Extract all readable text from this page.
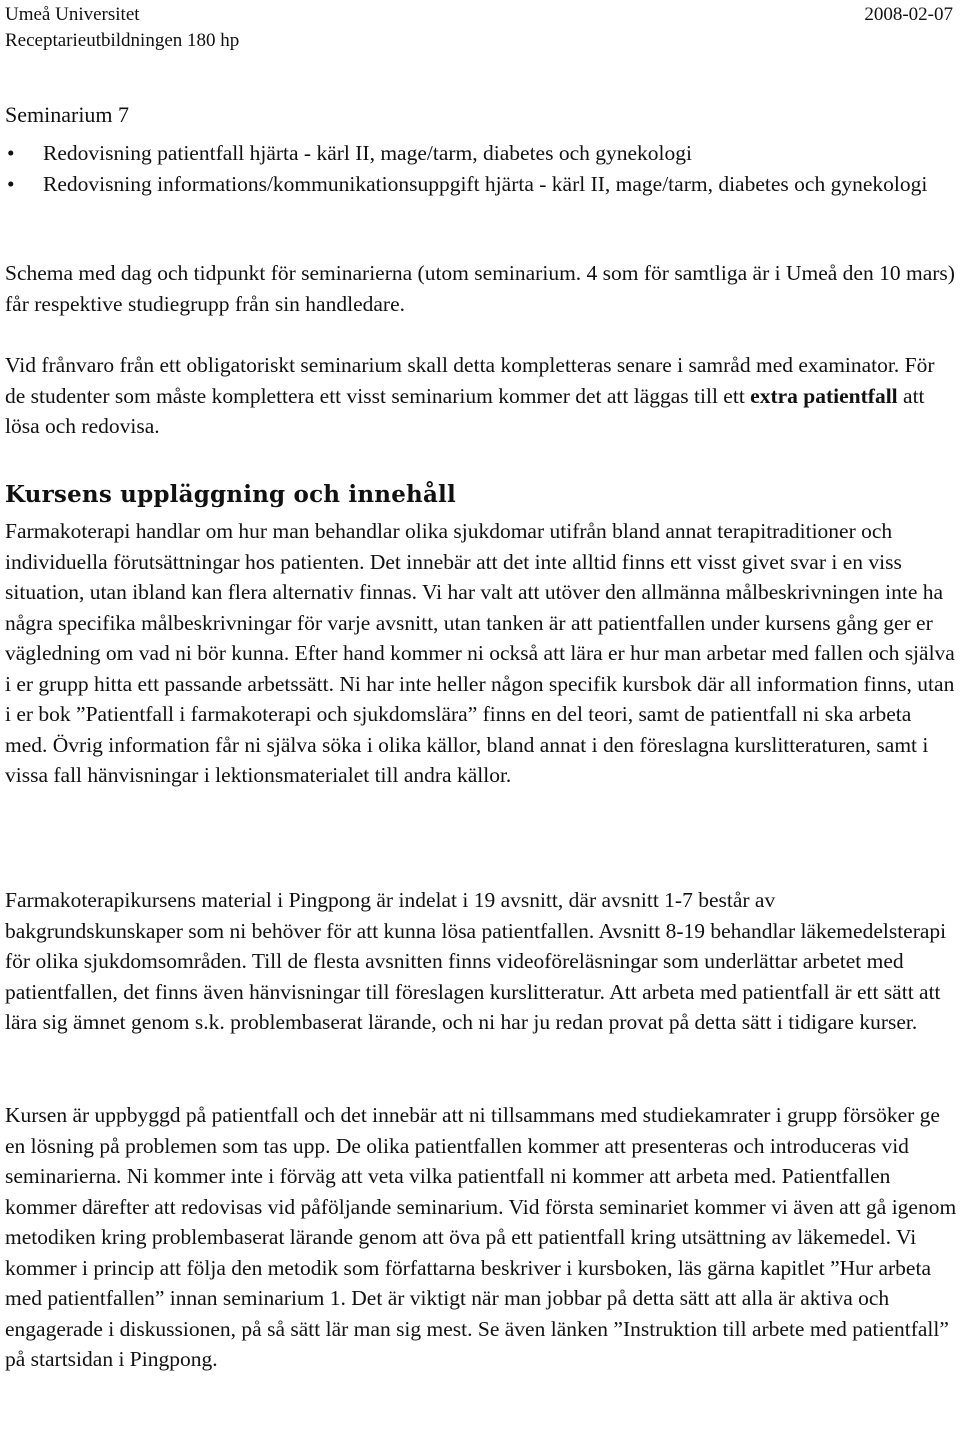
Umeå Universitet
Receptarieutbildningen 180 hp
2008-02-07
Seminarium 7
• Redovisning patientfall hjärta - kärl II, mage/tarm, diabetes och gynekologi
• Redovisning informations/kommunikationsuppgift hjärta - kärl II, mage/tarm, diabetes och gynekologi

Schema med dag och tidpunkt för seminarierna (utom seminarium. 4 som för samtliga är i Umeå den 10 mars) får respektive studiegrupp från sin handledare.

Vid frånvaro från ett obligatoriskt seminarium skall detta kompletteras senare i samråd med examinator. För de studenter som måste komplettera ett visst seminarium kommer det att läggas till ett extra patientfall att lösa och redovisa.

Kursens uppläggning och innehåll

Farmakoterapi handlar om hur man behandlar olika sjukdomar utifrån bland annat terapitraditioner och individuella förutsättningar hos patienten. Det innebär att det inte alltid finns ett visst givet svar i en viss situation, utan ibland kan flera alternativ finnas. Vi har valt att utöver den allmänna målbeskrivningen inte ha några specifika målbeskrivningar för varje avsnitt, utan tanken är att patientfallen under kursens gång ger er vägledning om vad ni bör kunna. Efter hand kommer ni också att lära er hur man arbetar med fallen och själva i er grupp hitta ett passande arbetssätt. Ni har inte heller någon specifik kursbok där all information finns, utan i er bok ”Patientfall i farmakoterapi och sjukdomslära” finns en del teori, samt de patientfall ni ska arbeta med. Övrig information får ni själva söka i olika källor, bland annat i den föreslagna kurslitteraturen, samt i vissa fall hänvisningar i lektionsmaterialet till andra källor.

Farmakoterapikursens material i Pingpong är indelat i 19 avsnitt, där avsnitt 1-7 består av bakgrundskunskaper som ni behöver för att kunna lösa patientfallen. Avsnitt 8-19 behandlar läkemedelsterapi för olika sjukdomsområden. Till de flesta avsnitten finns videoföreläsningar som underlättar arbetet med patientfallen, det finns även hänvisningar till föreslagen kurslitteratur. Att arbeta med patientfall är ett sätt att lära sig ämnet genom s.k. problembaserat lärande, och ni har ju redan provat på detta sätt i tidigare kurser.

Kursen är uppbyggd på patientfall och det innebär att ni tillsammans med studiekamrater i grupp försöker ge en lösning på problemen som tas upp. De olika patientfallen kommer att presenteras och introduceras vid seminarierna. Ni kommer inte i förväg att veta vilka patientfall ni kommer att arbeta med. Patientfallen kommer därefter att redovisas vid påföljande seminarium. Vid första seminariet kommer vi även att gå igenom metodiken kring problembaserat lärande genom att öva på ett patientfall kring utsättning av läkemedel. Vi kommer i princip att följa den metodik som författarna beskriver i kursboken, läs gärna kapitlet ”Hur arbeta med patientfallen” innan seminarium 1. Det är viktigt när man jobbar på detta sätt att alla är aktiva och engagerade i diskussionen, på så sätt lär man sig mest. Se även länken ”Instruktion till arbete med patientfall” på startsidan i Pingpong.
